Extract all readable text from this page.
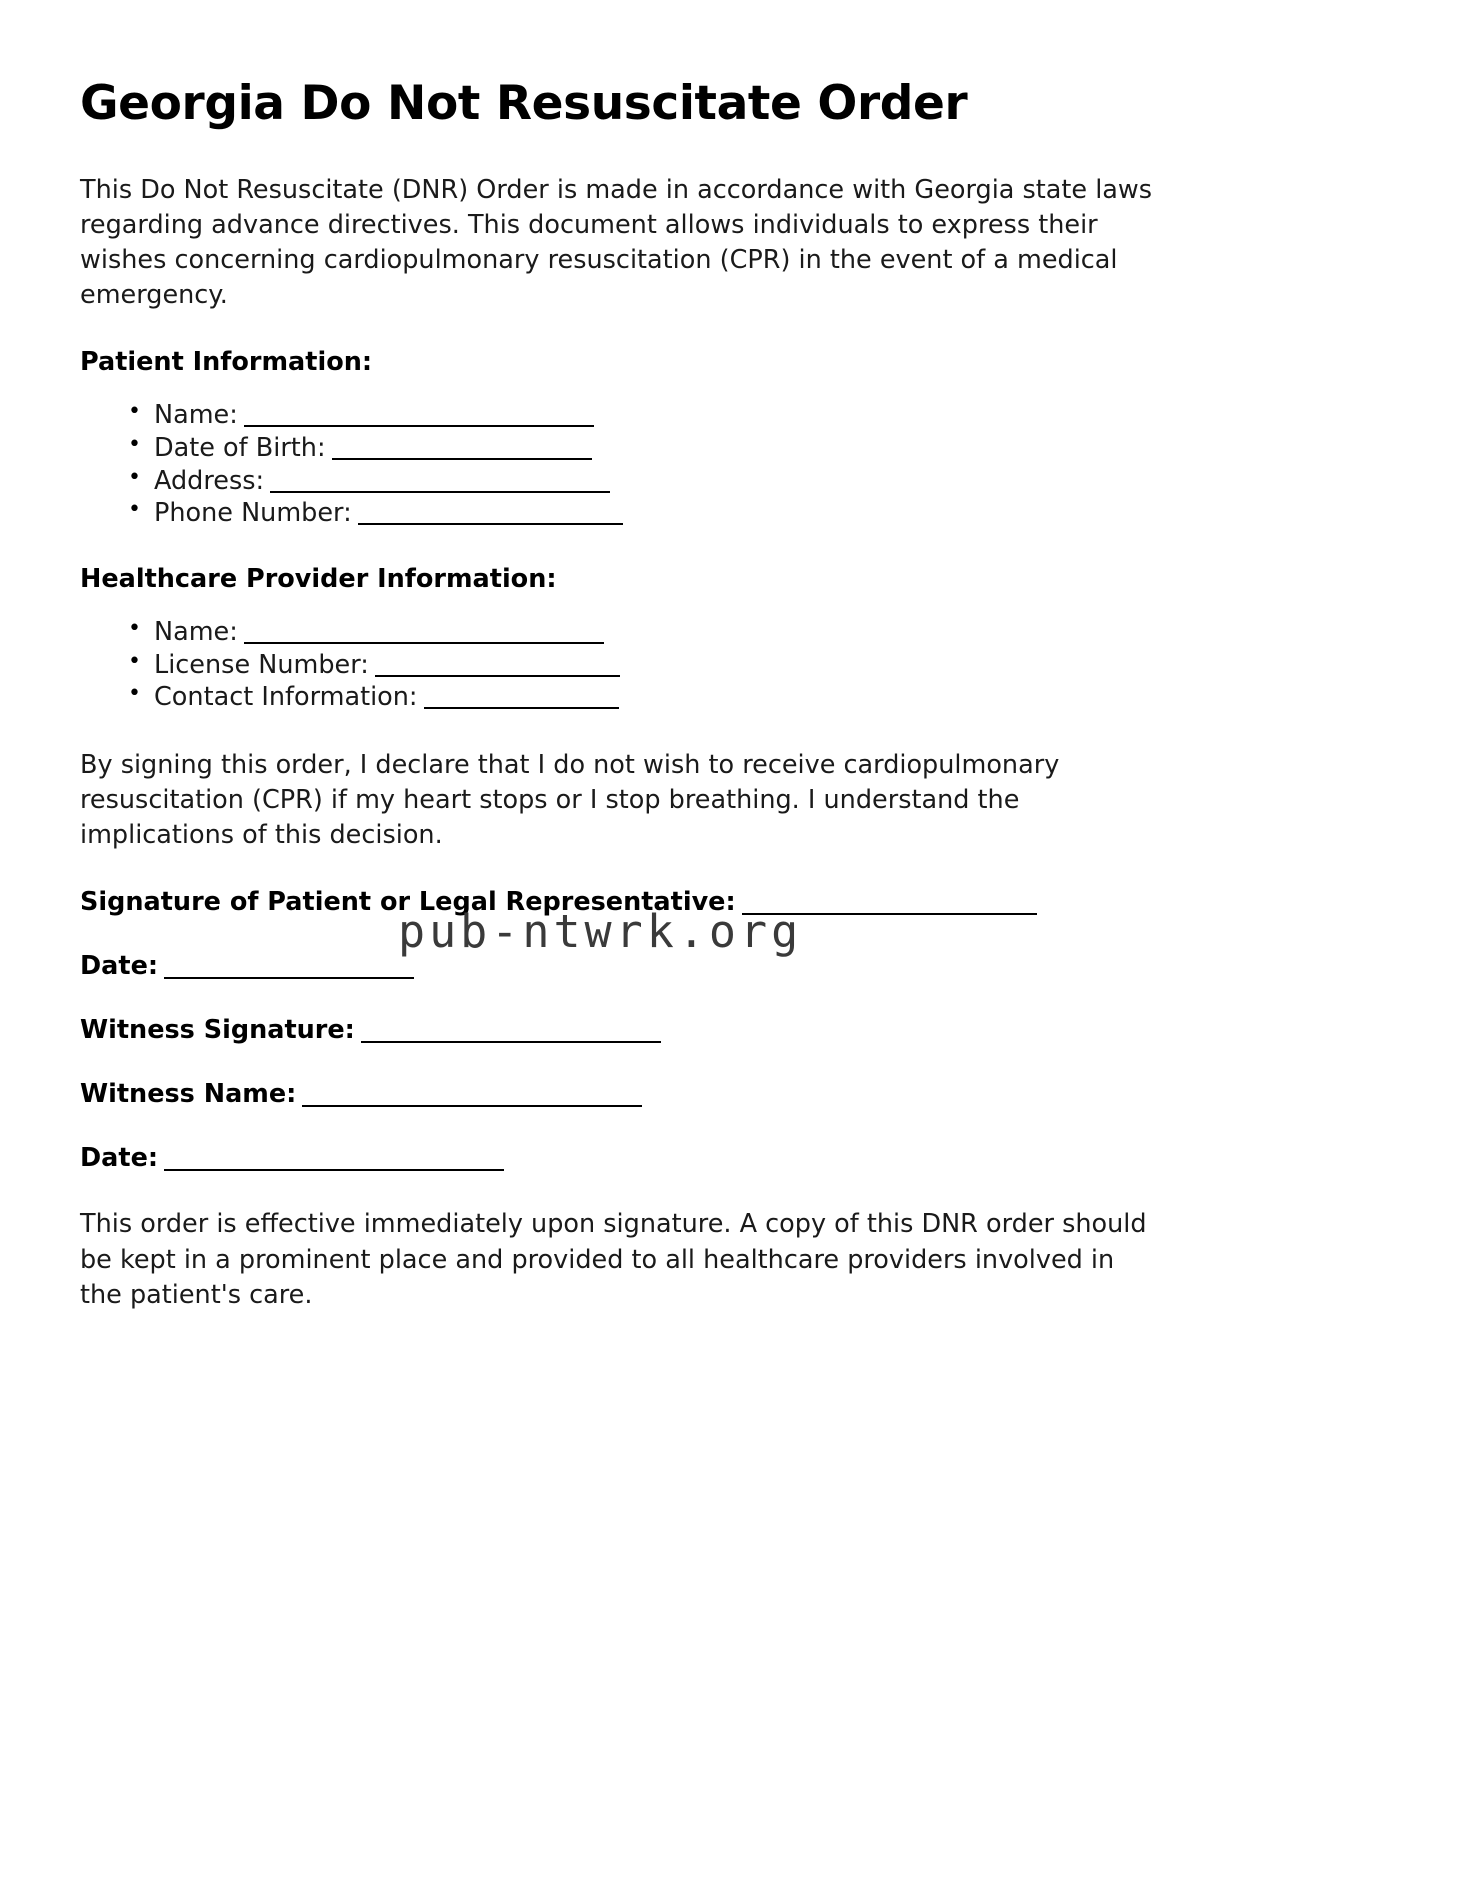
Georgia Do Not Resuscitate Order

This Do Not Resuscitate (DNR) Order is made in accordance with Georgia state laws regarding advance directives. This document allows individuals to express their wishes concerning cardiopulmonary resuscitation (CPR) in the event of a medical emergency.

Patient Information:
• Name:
• Date of Birth:
• Address:
• Phone Number:
Healthcare Provider Information:
• Name:
• License Number:
• Contact Information:

By signing this order, I declare that I do not wish to receive cardiopulmonary resuscitation (CPR) if my heart stops or I stop breathing. I understand the implications of this decision.

Signature of Patient or Legal Representative:
Date:
Witness Signature:
Witness Name:
Date:

This order is effective immediately upon signature. A copy of this DNR order should be kept in a prominent place and provided to all healthcare providers involved in the patient's care.

pub-ntwrk.org
